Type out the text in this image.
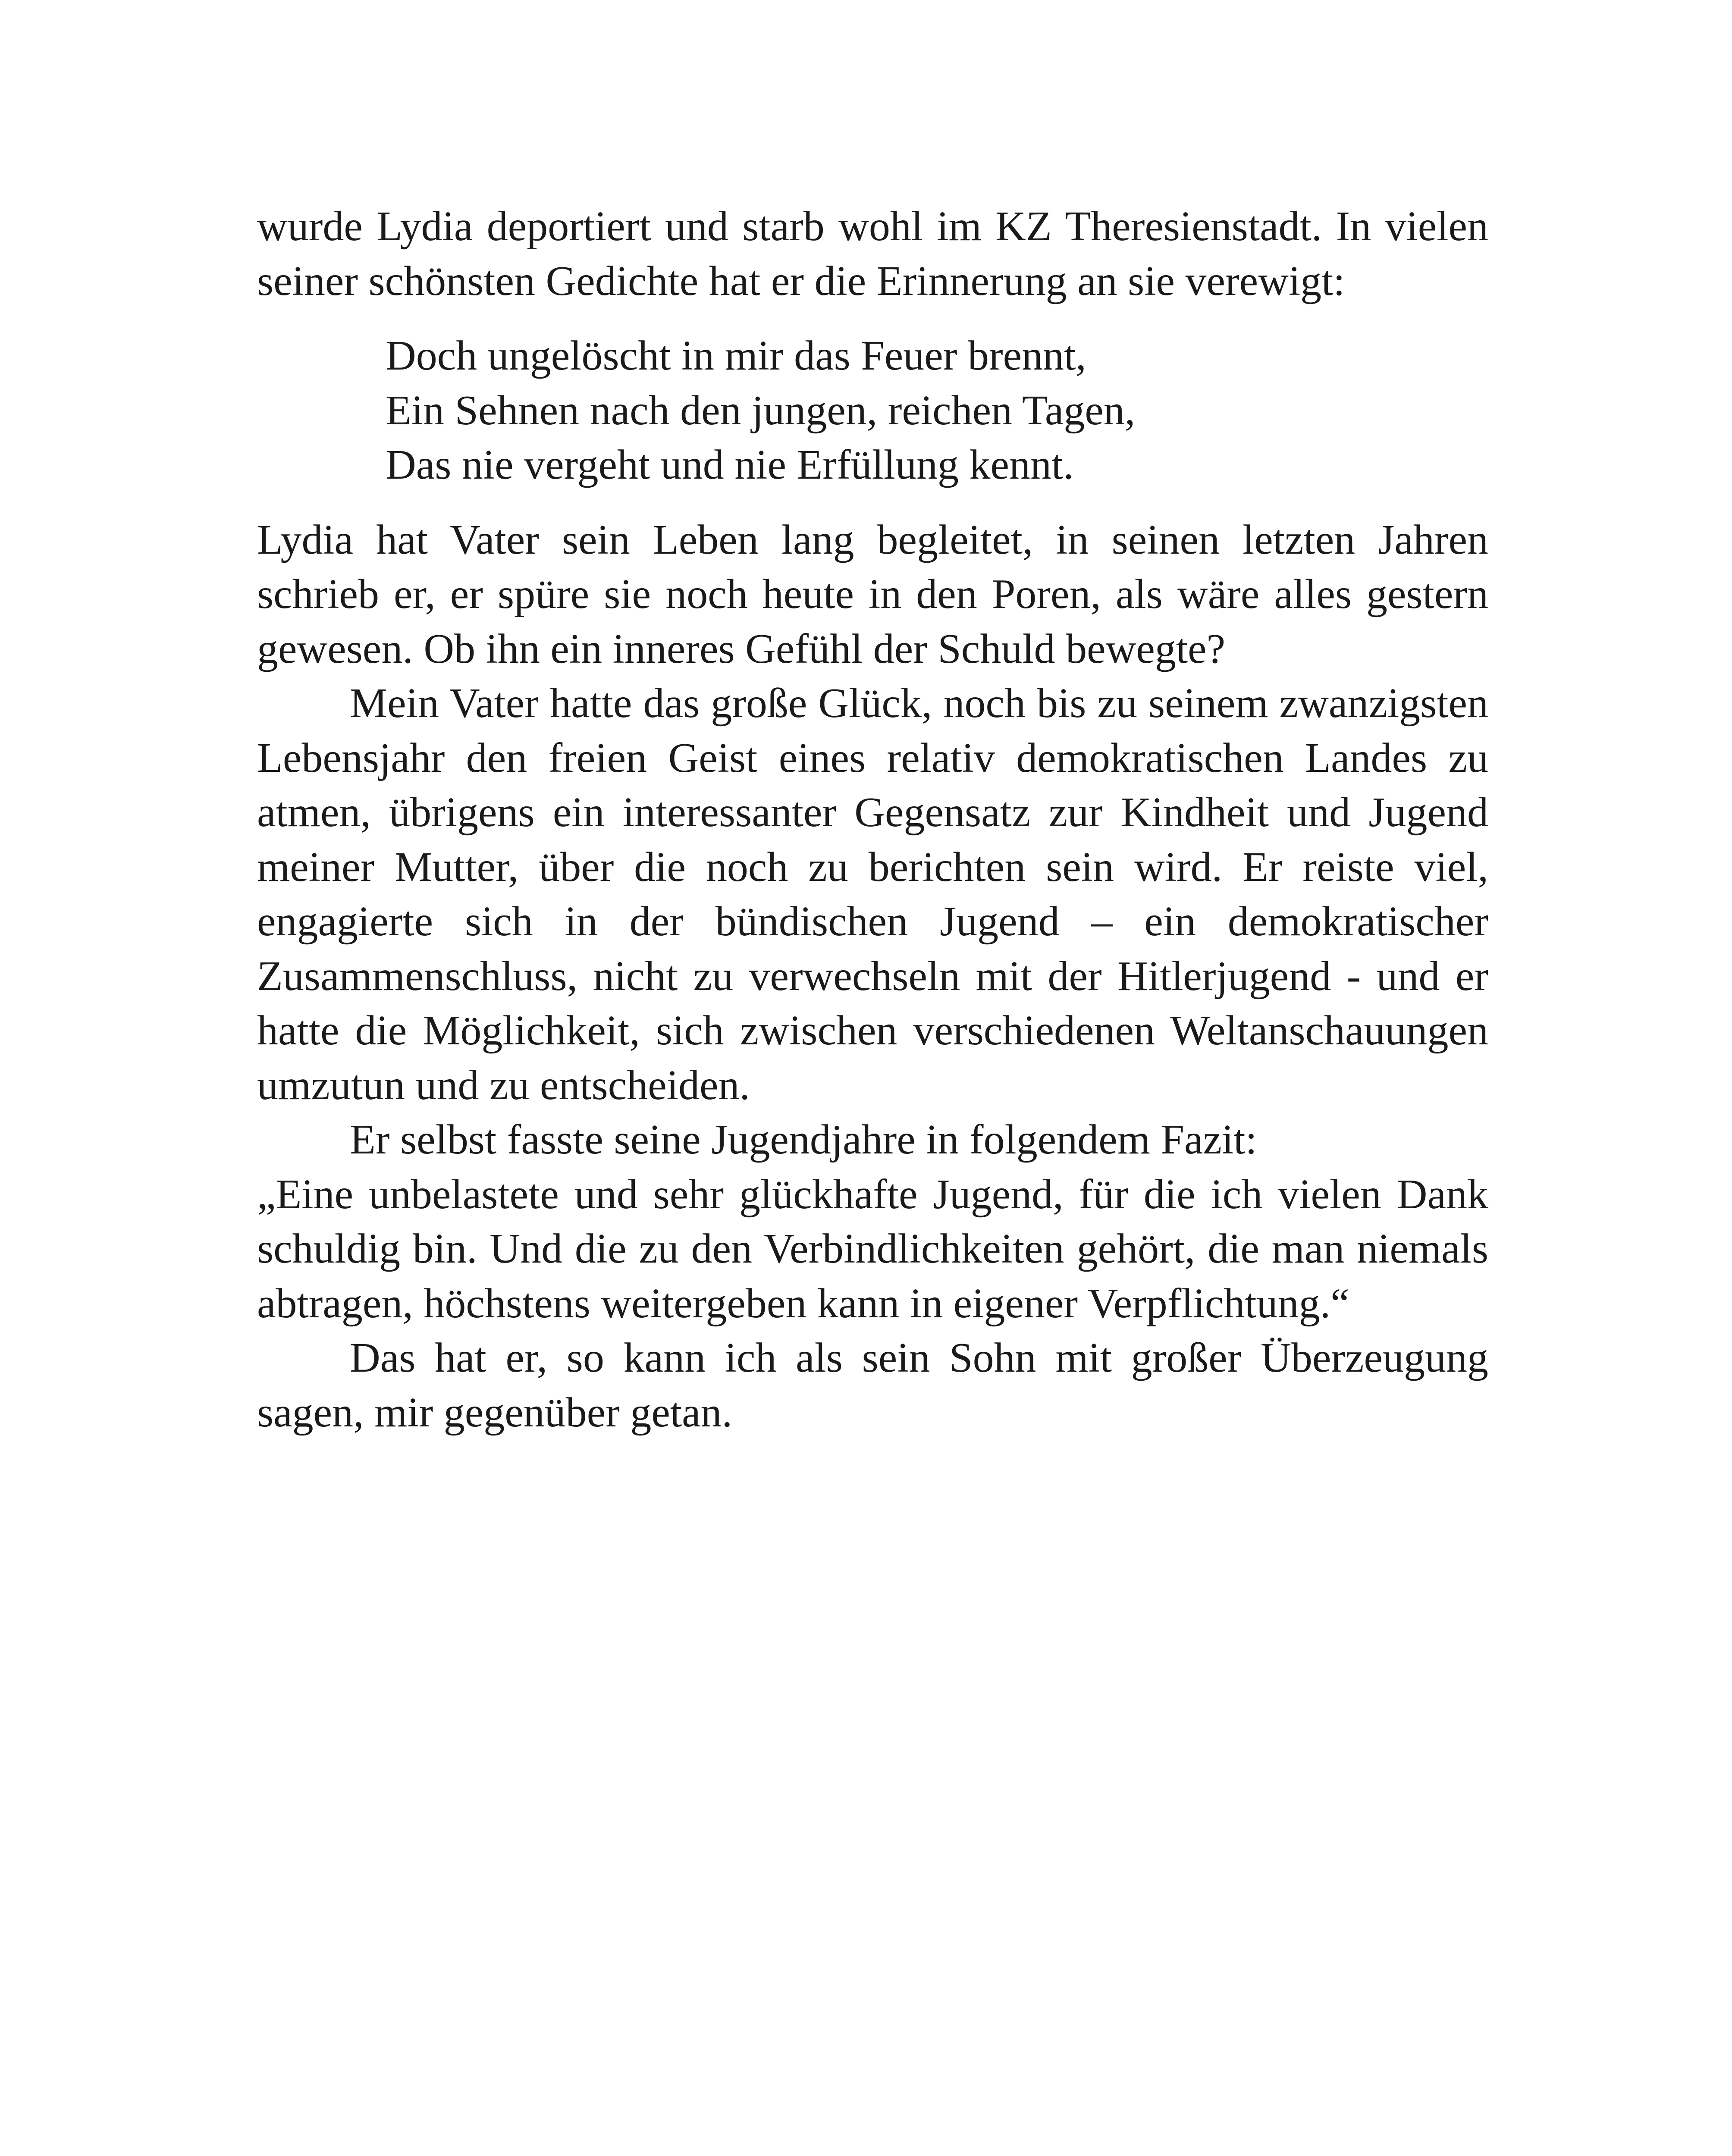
wurde Lydia deportiert und starb wohl im KZ Theresienstadt. In vielen seiner schönsten Gedichte hat er die Erinnerung an sie verewigt:

Doch ungelöscht in mir das Feuer brennt,
Ein Sehnen nach den jungen, reichen Tagen,
Das nie vergeht und nie Erfüllung kennt.

Lydia hat Vater sein Leben lang begleitet, in seinen letzten Jahren schrieb er, er spüre sie noch heute in den Poren, als wäre alles gestern gewesen. Ob ihn ein inneres Gefühl der Schuld bewegte?

Mein Vater hatte das große Glück, noch bis zu seinem zwanzigsten Lebensjahr den freien Geist eines relativ demokratischen Landes zu atmen, übrigens ein interessanter Gegensatz zur Kindheit und Jugend meiner Mutter, über die noch zu berichten sein wird. Er reiste viel, engagierte sich in der bündischen Jugend – ein demokratischer Zusammenschluss, nicht zu verwechseln mit der Hitlerjugend - und er hatte die Möglichkeit, sich zwischen verschiedenen Weltanschauungen umzutun und zu entscheiden.

Er selbst fasste seine Jugendjahre in folgendem Fazit:

„Eine unbelastete und sehr glückhafte Jugend, für die ich vielen Dank schuldig bin. Und die zu den Verbindlichkeiten gehört, die man niemals abtragen, höchstens weitergeben kann in eigener Verpflichtung.“

Das hat er, so kann ich als sein Sohn mit großer Überzeugung sagen, mir gegenüber getan.
